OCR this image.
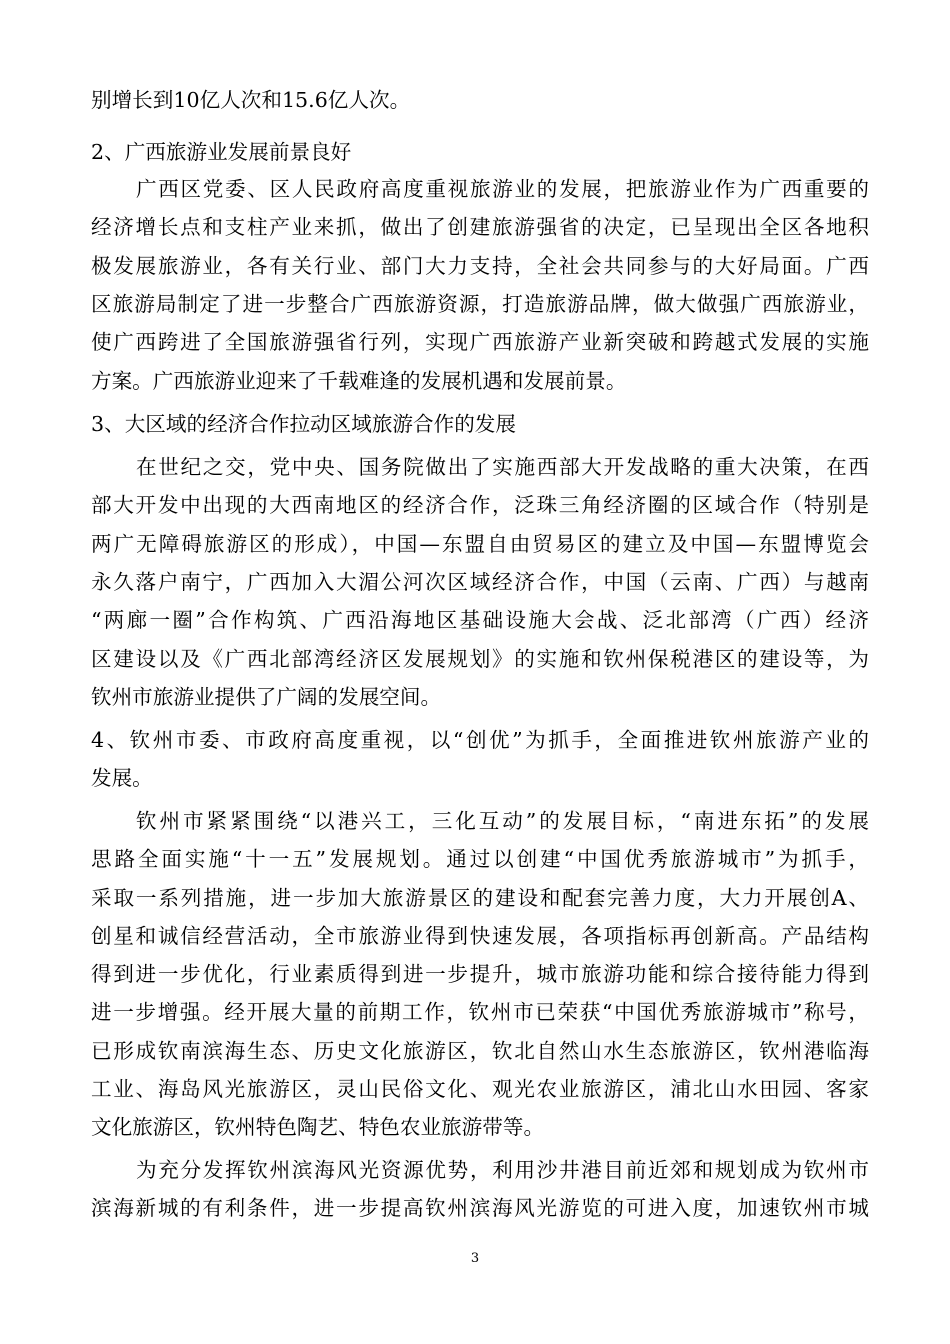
别增长到10亿人次和15.6亿人次。
2、广西旅游业发展前景良好
广西区党委、区人民政府高度重视旅游业的发展，把旅游业作为广西重要的
经济增长点和支柱产业来抓，做出了创建旅游强省的决定，已呈现出全区各地积
极发展旅游业，各有关行业、部门大力支持，全社会共同参与的大好局面。广西
区旅游局制定了进一步整合广西旅游资源，打造旅游品牌，做大做强广西旅游业，
使广西跨进了全国旅游强省行列，实现广西旅游产业新突破和跨越式发展的实施
方案。广西旅游业迎来了千载难逢的发展机遇和发展前景。
3、大区域的经济合作拉动区域旅游合作的发展
在世纪之交，党中央、国务院做出了实施西部大开发战略的重大决策，在西
部大开发中出现的大西南地区的经济合作，泛珠三角经济圈的区域合作（特别是
两广无障碍旅游区的形成），中国—东盟自由贸易区的建立及中国—东盟博览会
永久落户南宁，广西加入大湄公河次区域经济合作，中国（云南、广西）与越南
“两廊一圈”合作构筑、广西沿海地区基础设施大会战、泛北部湾（广西）经济
区建设以及《广西北部湾经济区发展规划》的实施和钦州保税港区的建设等，为
钦州市旅游业提供了广阔的发展空间。
4、钦州市委、市政府高度重视，以“创优”为抓手，全面推进钦州旅游产业的
发展。
钦州市紧紧围绕“以港兴工，三化互动”的发展目标，“南进东拓”的发展
思路全面实施“十一五”发展规划。通过以创建“中国优秀旅游城市”为抓手，
采取一系列措施，进一步加大旅游景区的建设和配套完善力度，大力开展创A、
创星和诚信经营活动，全市旅游业得到快速发展，各项指标再创新高。产品结构
得到进一步优化，行业素质得到进一步提升，城市旅游功能和综合接待能力得到
进一步增强。经开展大量的前期工作，钦州市已荣获“中国优秀旅游城市”称号，
已形成钦南滨海生态、历史文化旅游区，钦北自然山水生态旅游区，钦州港临海
工业、海岛风光旅游区，灵山民俗文化、观光农业旅游区，浦北山水田园、客家
文化旅游区，钦州特色陶艺、特色农业旅游带等。
为充分发挥钦州滨海风光资源优势，利用沙井港目前近郊和规划成为钦州市
滨海新城的有利条件，进一步提高钦州滨海风光游览的可进入度，加速钦州市城
3
